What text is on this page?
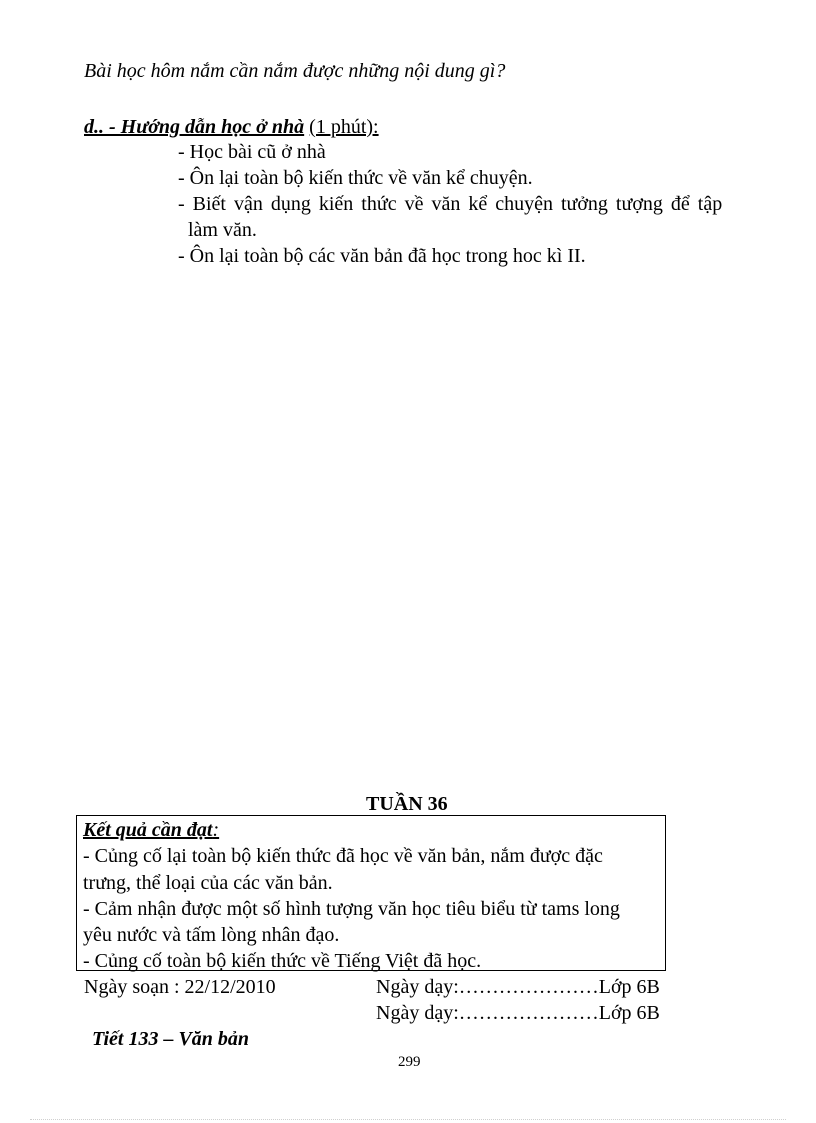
Bài học hôm nắm cần nắm được những nội dung gì?
d.. - Hướng dẫn học ở nhà (1 phút):
- Học bài cũ ở nhà
- Ôn lại toàn bộ kiến thức về văn kể chuyện.
- Biết vận dụng kiến thức về văn kể chuyện tưởng tượng để tập
làm văn.
- Ôn lại toàn bộ các văn bản đã học trong hoc kì II.
TUẦN 36
Kết quả cần đạt:
- Củng cố lại toàn bộ kiến thức đã học về văn bản, nắm được đặc
trưng, thể loại của các văn bản.
- Cảm nhận được một số hình tượng văn học tiêu biểu từ tams long
yêu nước và tấm lòng nhân đạo.
- Củng cố toàn bộ kiến thức về Tiếng Việt đã học.
Ngày soạn : 22/12/2010	Ngày dạy:…………………Lớp 6B
Ngày dạy:…………………Lớp 6B
Tiết 133 – Văn bản
299
